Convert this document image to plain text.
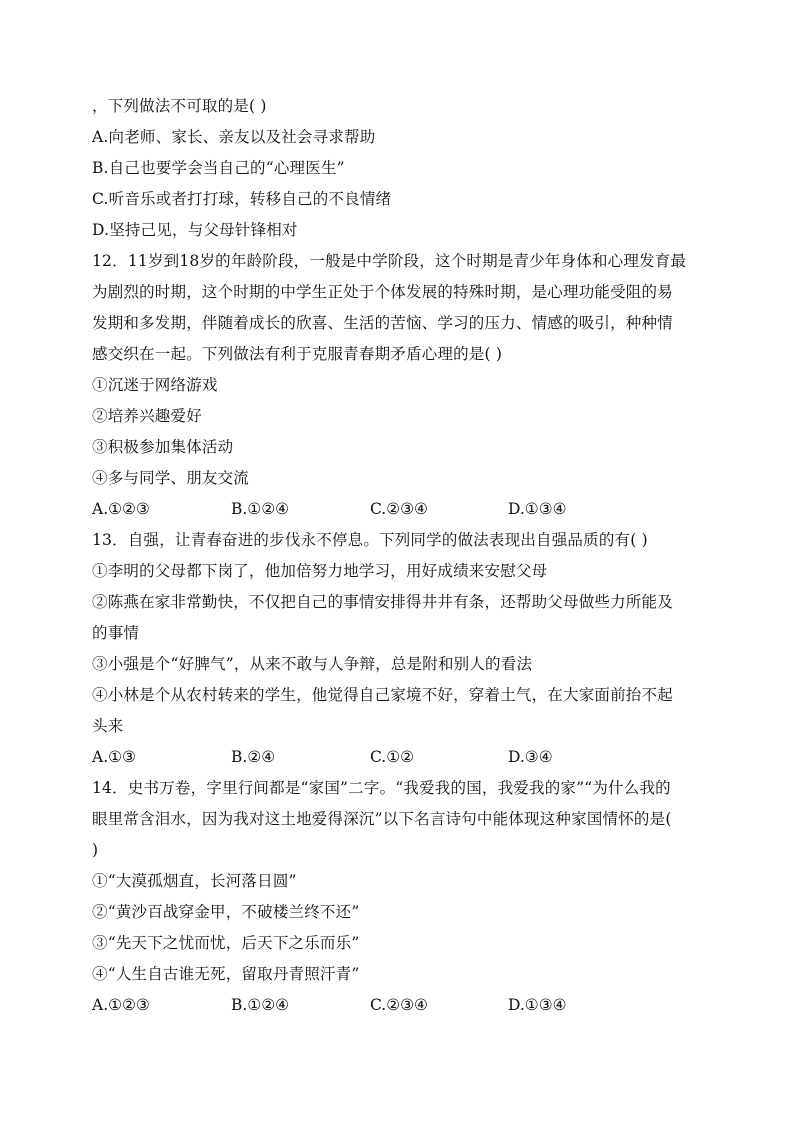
，下列做法不可取的是( )
A.向老师、家长、亲友以及社会寻求帮助
B.自己也要学会当自己的“心理医生”
C.听音乐或者打打球，转移自己的不良情绪
D.坚持己见，与父母针锋相对
12．11岁到18岁的年龄阶段，一般是中学阶段，这个时期是青少年身体和心理发育最
为剧烈的时期，这个时期的中学生正处于个体发展的特殊时期，是心理功能受阻的易
发期和多发期，伴随着成长的欣喜、生活的苦恼、学习的压力、情感的吸引，种种情
感交织在一起。下列做法有利于克服青春期矛盾心理的是( )
①沉迷于网络游戏
②培养兴趣爱好
③积极参加集体活动
④多与同学、朋友交流
A.①②③	B.①②④	C.②③④	D.①③④
13．自强，让青春奋进的步伐永不停息。下列同学的做法表现出自强品质的有( )
①李明的父母都下岗了，他加倍努力地学习，用好成绩来安慰父母
②陈燕在家非常勤快，不仅把自己的事情安排得井井有条，还帮助父母做些力所能及
的事情
③小强是个“好脾气”，从来不敢与人争辩，总是附和别人的看法
④小林是个从农村转来的学生，他觉得自己家境不好，穿着土气，在大家面前抬不起
头来
A.①③	B.②④	C.①②	D.③④
14．史书万卷，字里行间都是“家国”二字。“我爱我的国，我爱我的家”“为什么我的
眼里常含泪水，因为我对这土地爱得深沉”以下名言诗句中能体现这种家国情怀的是(
)
①“大漠孤烟直，长河落日圆”
②“黄沙百战穿金甲，不破楼兰终不还”
③“先天下之忧而忧，后天下之乐而乐”
④“人生自古谁无死，留取丹青照汗青”
A.①②③	B.①②④	C.②③④	D.①③④
